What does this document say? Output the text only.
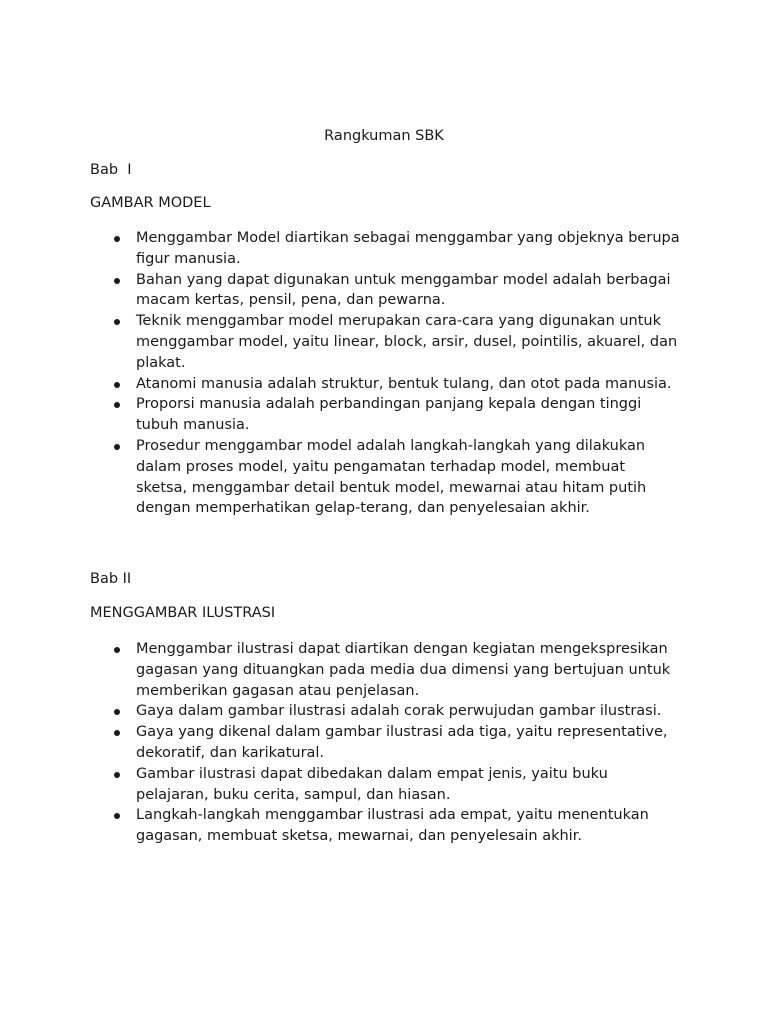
Rangkuman SBK
Bab  I
GAMBAR MODEL
Menggambar Model diartikan sebagai menggambar yang objeknya berupa figur manusia.
Bahan yang dapat digunakan untuk menggambar model adalah berbagai macam kertas, pensil, pena, dan pewarna.
Teknik menggambar model merupakan cara-cara yang digunakan untuk menggambar model, yaitu linear, block, arsir, dusel, pointilis, akuarel, dan plakat.
Atanomi manusia adalah struktur, bentuk tulang, dan otot pada manusia.
Proporsi manusia adalah perbandingan panjang kepala dengan tinggi tubuh manusia.
Prosedur menggambar model adalah langkah-langkah yang dilakukan dalam proses model, yaitu pengamatan terhadap model, membuat sketsa, menggambar detail bentuk model, mewarnai atau hitam putih dengan memperhatikan gelap-terang, dan penyelesaian akhir.
Bab II
MENGGAMBAR ILUSTRASI
Menggambar ilustrasi dapat diartikan dengan kegiatan mengekspresikan gagasan yang dituangkan pada media dua dimensi yang bertujuan untuk memberikan gagasan atau penjelasan.
Gaya dalam gambar ilustrasi adalah corak perwujudan gambar ilustrasi.
Gaya yang dikenal dalam gambar ilustrasi ada tiga, yaitu representative, dekoratif, dan karikatural.
Gambar ilustrasi dapat dibedakan dalam empat jenis, yaitu buku pelajaran, buku cerita, sampul, dan hiasan.
Langkah-langkah menggambar ilustrasi ada empat, yaitu menentukan gagasan, membuat sketsa, mewarnai, dan penyelesain akhir.
